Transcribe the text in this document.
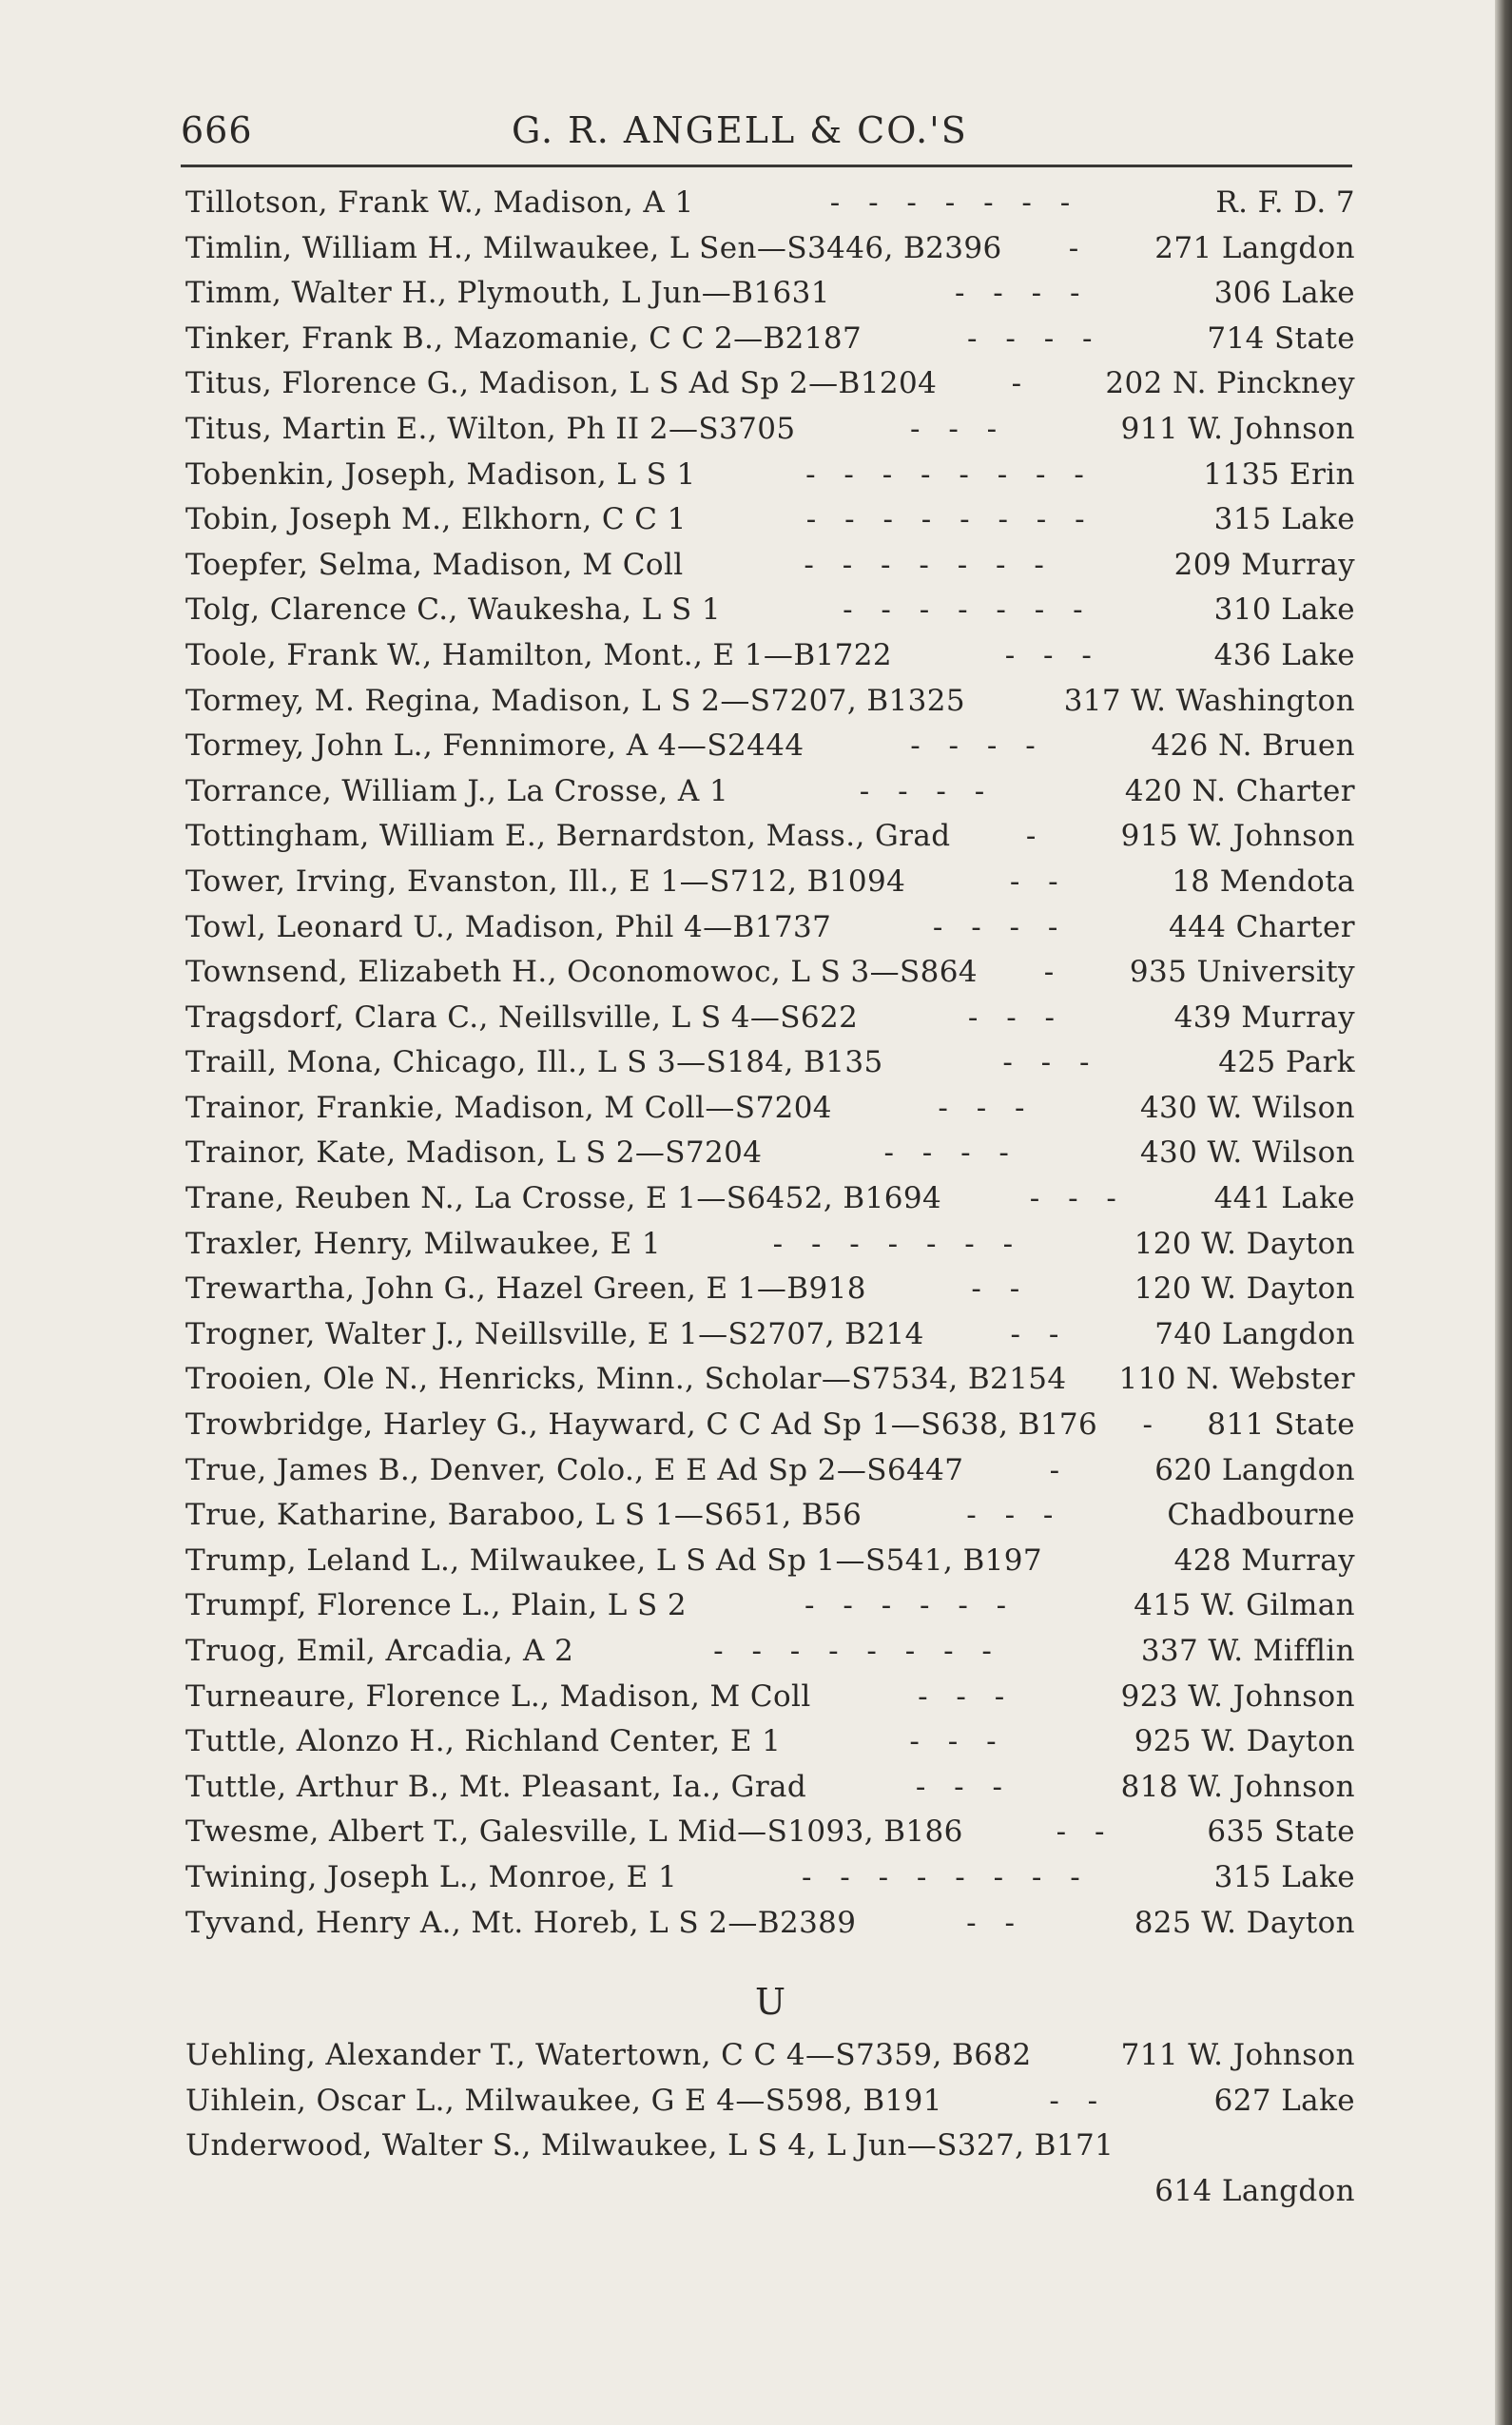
666	G. R. ANGELL & CO.'S
Tillotson, Frank W., Madison, A 1	- - - - - - -	R. F. D. 7
Timlin, William H., Milwaukee, L Sen—S3446, B2396	-	271 Langdon
Timm, Walter H., Plymouth, L Jun—B1631	- - - -	306 Lake
Tinker, Frank B., Mazomanie, C C 2—B2187	- - - -	714 State
Titus, Florence G., Madison, L S Ad Sp 2—B1204	-	202 N. Pinckney
Titus, Martin E., Wilton, Ph II 2—S3705	- - -	911 W. Johnson
Tobenkin, Joseph, Madison, L S 1	- - - - - - - -	1135 Erin
Tobin, Joseph M., Elkhorn, C C 1	- - - - - - - -	315 Lake
Toepfer, Selma, Madison, M Coll	- - - - - - -	209 Murray
Tolg, Clarence C., Waukesha, L S 1	- - - - - - -	310 Lake
Toole, Frank W., Hamilton, Mont., E 1—B1722	- - -	436 Lake
Tormey, M. Regina, Madison, L S 2—S7207, B1325	317 W. Washington
Tormey, John L., Fennimore, A 4—S2444	- - - -	426 N. Bruen
Torrance, William J., La Crosse, A 1	- - - -	420 N. Charter
Tottingham, William E., Bernardston, Mass., Grad	-	915 W. Johnson
Tower, Irving, Evanston, Ill., E 1—S712, B1094	- -	18 Mendota
Towl, Leonard U., Madison, Phil 4—B1737	- - - -	444 Charter
Townsend, Elizabeth H., Oconomowoc, L S 3—S864	-	935 University
Tragsdorf, Clara C., Neillsville, L S 4—S622	- - -	439 Murray
Traill, Mona, Chicago, Ill., L S 3—S184, B135	- - -	425 Park
Trainor, Frankie, Madison, M Coll—S7204	- - -	430 W. Wilson
Trainor, Kate, Madison, L S 2—S7204	- - - -	430 W. Wilson
Trane, Reuben N., La Crosse, E 1—S6452, B1694	- - -	441 Lake
Traxler, Henry, Milwaukee, E 1	- - - - - - -	120 W. Dayton
Trewartha, John G., Hazel Green, E 1—B918	- -	120 W. Dayton
Trogner, Walter J., Neillsville, E 1—S2707, B214	- -	740 Langdon
Trooien, Ole N., Henricks, Minn., Scholar—S7534, B2154 110 N. Webster
Trowbridge, Harley G., Hayward, C C Ad Sp 1—S638, B176	-	811 State
True, James B., Denver, Colo., E E Ad Sp 2—S6447	-	620 Langdon
True, Katharine, Baraboo, L S 1—S651, B56	- - -	Chadbourne
Trump, Leland L., Milwaukee, L S Ad Sp 1—S541, B197	428 Murray
Trumpf, Florence L., Plain, L S 2	- - - - - -	415 W. Gilman
Truog, Emil, Arcadia, A 2	- - - - - - - -	337 W. Mifflin
Turneaure, Florence L., Madison, M Coll	- - -	923 W. Johnson
Tuttle, Alonzo H., Richland Center, E 1	- - -	925 W. Dayton
Tuttle, Arthur B., Mt. Pleasant, Ia., Grad	- - -	818 W. Johnson
Twesme, Albert T., Galesville, L Mid—S1093, B186	- -	635 State
Twining, Joseph L., Monroe, E 1	- - - - - - - -	315 Lake
Tyvand, Henry A., Mt. Horeb, L S 2—B2389	- -	825 W. Dayton
U
Uehling, Alexander T., Watertown, C C 4—S7359, B682	711 W. Johnson
Uihlein, Oscar L., Milwaukee, G E 4—S598, B191	- -	627 Lake
Underwood, Walter S., Milwaukee, L S 4, L Jun—S327, B171
614 Langdon
